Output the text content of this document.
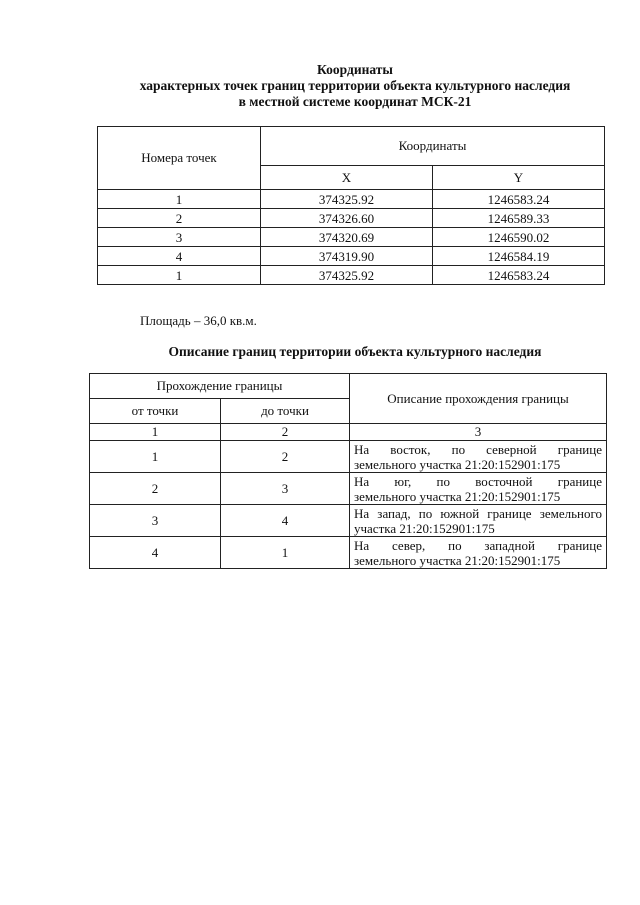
Координаты
характерных точек границ территории объекта культурного наследия
в местной системе координат МСК-21
Номера точек	Координаты	
	X	Y
1	374325.92	1246583.24
2	374326.60	1246589.33
3	374320.69	1246590.02
4	374319.90	1246584.19
1	374325.92	1246583.24
Площадь – 36,0 кв.м.
Описание границ территории объекта культурного наследия
Прохождение границы		Описание прохождения границы
от точки	до точки	
1	2	3
1	2	На восток, по северной границе
земельного участка 21:20:152901:175

2	3	На юг, по восточной границе
земельного участка 21:20:152901:175

3	4	На запад, по южной границе земельного
участка 21:20:152901:175

4	1	На север, по западной границе
земельного участка 21:20:152901:175
